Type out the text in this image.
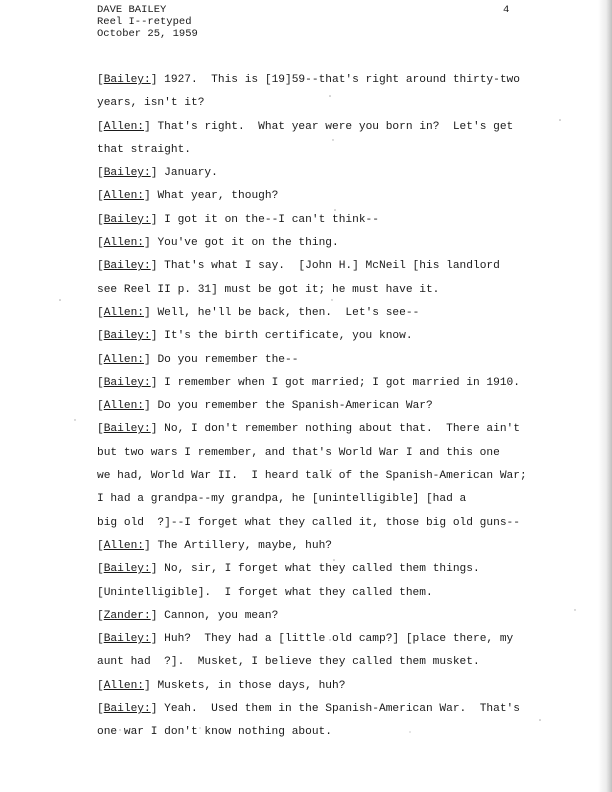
DAVE BAILEY
Reel I--retyped
October 25, 1959
4
[Bailey:] 1927.  This is [19]59--that's right around thirty-two
years, isn't it?
[Allen:] That's right.  What year were you born in?  Let's get
that straight.
[Bailey:] January.
[Allen:] What year, though?
[Bailey:] I got it on the--I can't think--
[Allen:] You've got it on the thing.
[Bailey:] That's what I say.  [John H.] McNeil [his landlord
see Reel II p. 31] must be got it; he must have it.
[Allen:] Well, he'll be back, then.  Let's see--
[Bailey:] It's the birth certificate, you know.
[Allen:] Do you remember the--
[Bailey:] I remember when I got married; I got married in 1910.
[Allen:] Do you remember the Spanish-American War?
[Bailey:] No, I don't remember nothing about that.  There ain't
but two wars I remember, and that's World War I and this one
we had, World War II.  I heard talk of the Spanish-American War;
I had a grandpa--my grandpa, he [unintelligible] [had a
big old  ?]--I forget what they called it, those big old guns--
[Allen:] The Artillery, maybe, huh?
[Bailey:] No, sir, I forget what they called them things.
[Unintelligible].  I forget what they called them.
[Zander:] Cannon, you mean?
[Bailey:] Huh?  They had a [little old camp?] [place there, my
aunt had  ?].  Musket, I believe they called them musket.
[Allen:] Muskets, in those days, huh?
[Bailey:] Yeah.  Used them in the Spanish-American War.  That's
one war I don't know nothing about.
